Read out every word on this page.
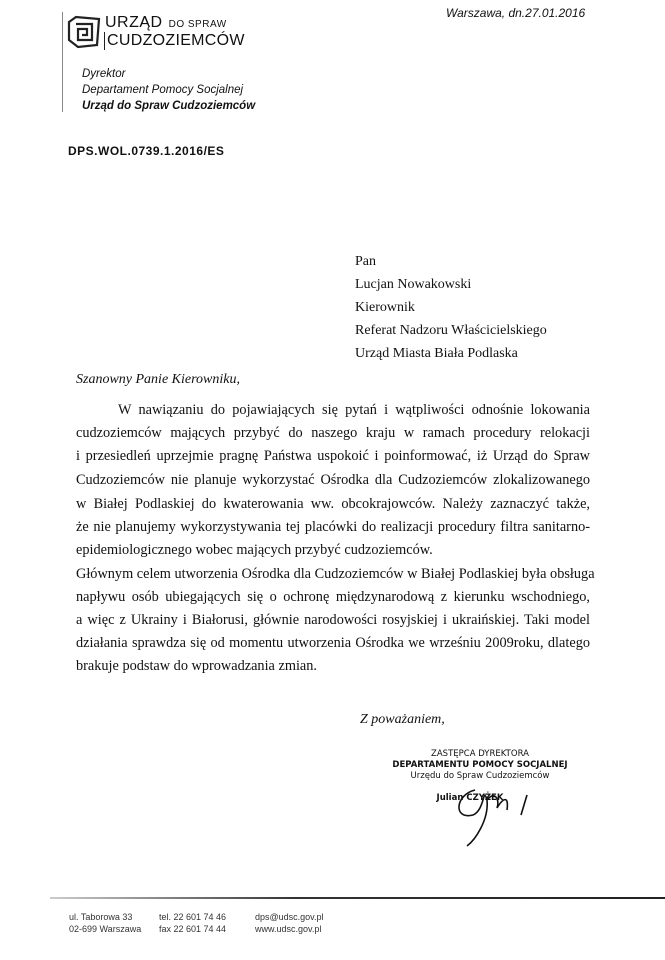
URZĄD DO SPRAW
CUDZOZIEMCÓW
Dyrektor
Departament Pomocy Socjalnej
Urząd do Spraw Cudzoziemców
DPS.WOL.0739.1.2016/ES
Warszawa, dn.27.01.2016
Pan
Lucjan Nowakowski
Kierownik
Referat Nadzoru Właścicielskiego
Urząd Miasta Biała Podlaska
Szanowny Panie Kierowniku,
W nawiązaniu do pojawiających się pytań i wątpliwości odnośnie lokowania
cudzoziemców mających przybyć do naszego kraju w ramach procedury relokacji
i przesiedleń uprzejmie pragnę Państwa uspokoić i poinformować, iż Urząd do Spraw
Cudzoziemców nie planuje wykorzystać Ośrodka dla Cudzoziemców zlokalizowanego
w Białej Podlaskiej do kwaterowania ww. obcokrajowców. Należy zaznaczyć także,
że nie planujemy wykorzystywania tej placówki do realizacji procedury filtra sanitarno-
epidemiologicznego wobec mających przybyć cudzoziemców.
Głównym celem utworzenia Ośrodka dla Cudzoziemców w Białej Podlaskiej była obsługa
napływu osób ubiegających się o ochronę międzynarodową z kierunku wschodniego,
a więc z Ukrainy i Białorusi, głównie narodowości rosyjskiej i ukraińskiej. Taki model
działania sprawdza się od momentu utworzenia Ośrodka we wrześniu 2009roku, dlatego
brakuje podstaw do wprowadzania zmian.
Z poważaniem,
ZASTĘPCA DYREKTORA
DEPARTAMENTU POMOCY SOCJALNEJ
Urzędu do Spraw Cudzoziemców
Julian CZYŻEK
ul. Taborowa 33
02-699 Warszawa
tel. 22 601 74 46
fax 22 601 74 44
dps@udsc.gov.pl
www.udsc.gov.pl
